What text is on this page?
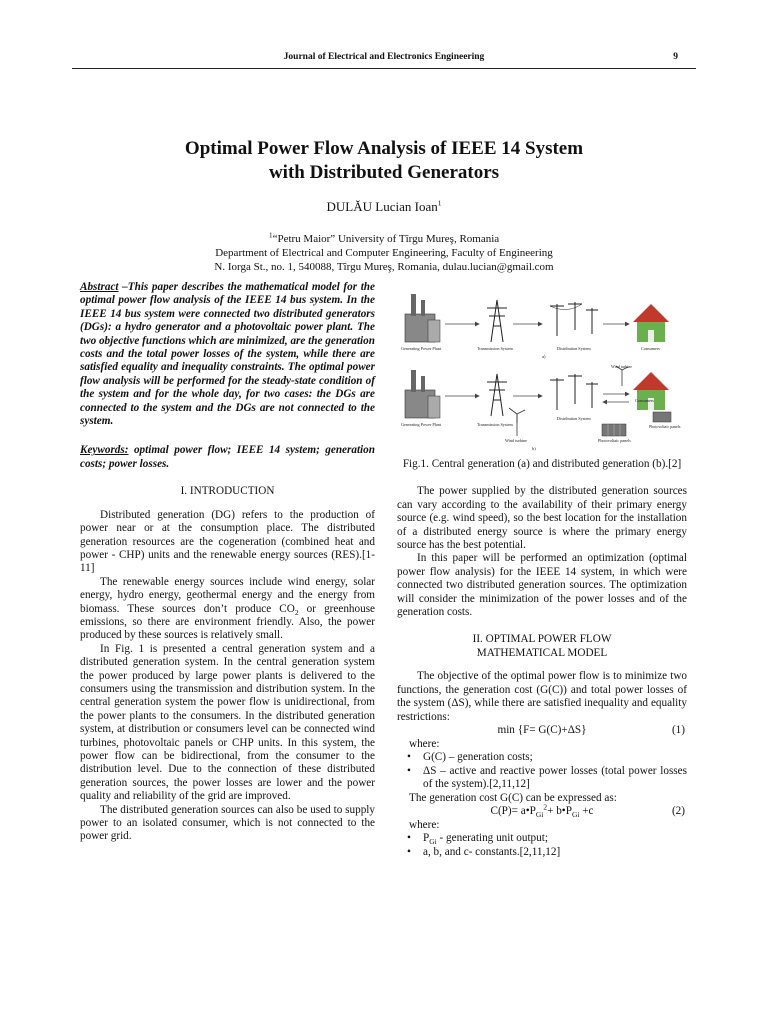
Journal of Electrical and Electronics Engineering	9
Optimal Power Flow Analysis of IEEE 14 System
with Distributed Generators
DULĂU Lucian Ioan$^1$
$^1$“Petru Maior” University of Tîrgu Mureş, Romania
Department of Electrical and Computer Engineering, Faculty of Engineering
N. Iorga St., no. 1, 540088, Tîrgu Mureş, Romania, dulau.lucian@gmail.com
Abstract –This paper describes the mathematical model for the optimal power flow analysis of the IEEE 14 bus system. In the IEEE 14 bus system were connected two distributed generators (DGs): a hydro generator and a photovoltaic power plant. The two objective functions which are minimized, are the generation costs and the total power losses of the system, while there are satisfied equality and inequality constraints. The optimal power flow analysis will be performed for the steady-state condition of the system and for the whole day, for two cases: the DGs are connected to the system and the DGs are not connected to the system.
Keywords: optimal power flow; IEEE 14 system; generation costs; power losses.
I. INTRODUCTION

Distributed generation (DG) refers to the production of power near or at the consumption place. The distributed generation resources are the cogeneration (combined heat and power - CHP) units and the renewable energy sources (RES).[1-11]

The renewable energy sources include wind energy, solar energy, hydro energy, geothermal energy and the energy from biomass. These sources don’t produce $CO_2$ or greenhouse emissions, so there are environment friendly. Also, the power produced by these sources is relatively small.

In Fig. 1 is presented a central generation system and a distributed generation system. In the central generation system the power produced by large power plants is delivered to the consumers using the transmission and distribution system. In the central generation system the power flow is unidirectional, from the power plants to the consumers. In the distributed generation system, at distribution or consumers level can be connected wind turbines, photovoltaic panels or CHP units. In this system, the power flow can be bidirectional, from the consumer to the distribution level. Due to the connection of these distributed generation sources, the power losses are lower and the power quality and reliability of the grid are improved.

The distributed generation sources can also be used to supply power to an isolated consumer, which is not connected to the power grid.

Generating Power Plant	Transmission System	Distribution System	Consumers
a)
Generating Power Plant	Transmission System
Distribution System
Consumers
Wind turbine
Wind turbine
Photovoltaic panels
Photovoltaic panels
b)
Fig.1. Central generation (a) and distributed generation (b).[2]

The power supplied by the distributed generation sources can vary according to the availability of their primary energy source (e.g. wind speed), so the best location for the installation of a distributed energy source is where the primary energy source has the best potential.

In this paper will be performed an optimization (optimal power flow analysis) for the IEEE 14 system, in which were connected two distributed generation sources. The optimization will consider the minimization of the power losses and of the generation costs.

II. OPTIMAL POWER FLOW
MATHEMATICAL MODEL

The objective of the optimal power flow is to minimize two functions, the generation cost (G(C)) and total power losses of the system (ΔS), while there are satisfied inequality and equality restrictions:

min {F= G(C)+ΔS}	(1)
where:
• G(C) – generation costs;
• ΔS – active and reactive power losses (total power losses of the system).[2,11,12]
The generation cost G(C) can be expressed as:
$C(P)= a•P_{Gi}^2+$ $b•P_{Gi} +c$	(2)
where:
• $P_{Gi}$ - generating unit output;
• a, b, and c- constants.[2,11,12]
